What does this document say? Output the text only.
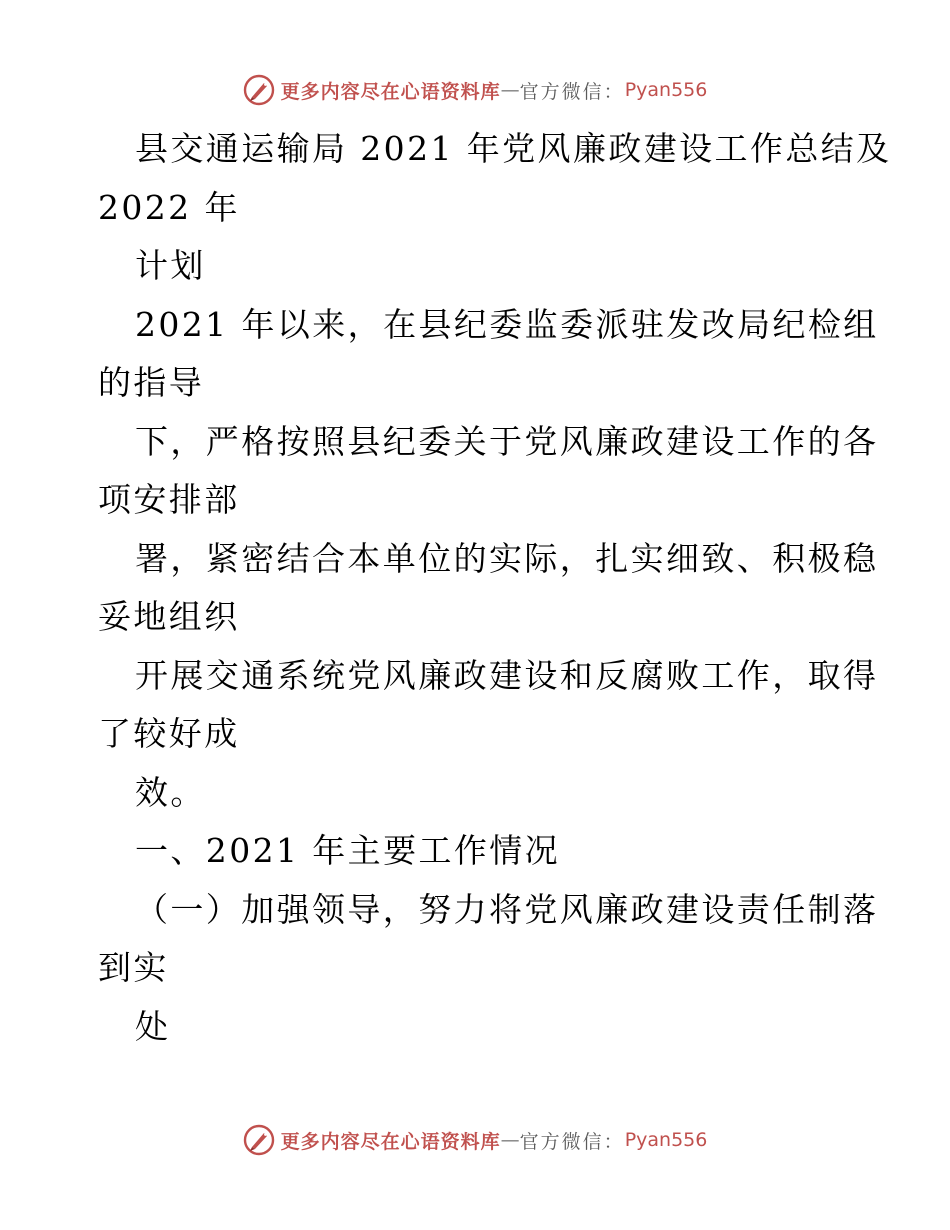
更多内容尽在心语资料库 — 官方微信： Pyan556
县交通运输局 2021 年党风廉政建设工作总结及
2022 年
计划
2021 年以来，在县纪委监委派驻发改局纪检组
的指导
下，严格按照县纪委关于党风廉政建设工作的各
项安排部
署，紧密结合本单位的实际，扎实细致、积极稳
妥地组织
开展交通系统党风廉政建设和反腐败工作，取得
了较好成
效。
一、2021 年主要工作情况
（一）加强领导，努力将党风廉政建设责任制落
到实
处
更多内容尽在心语资料库 — 官方微信： Pyan556
